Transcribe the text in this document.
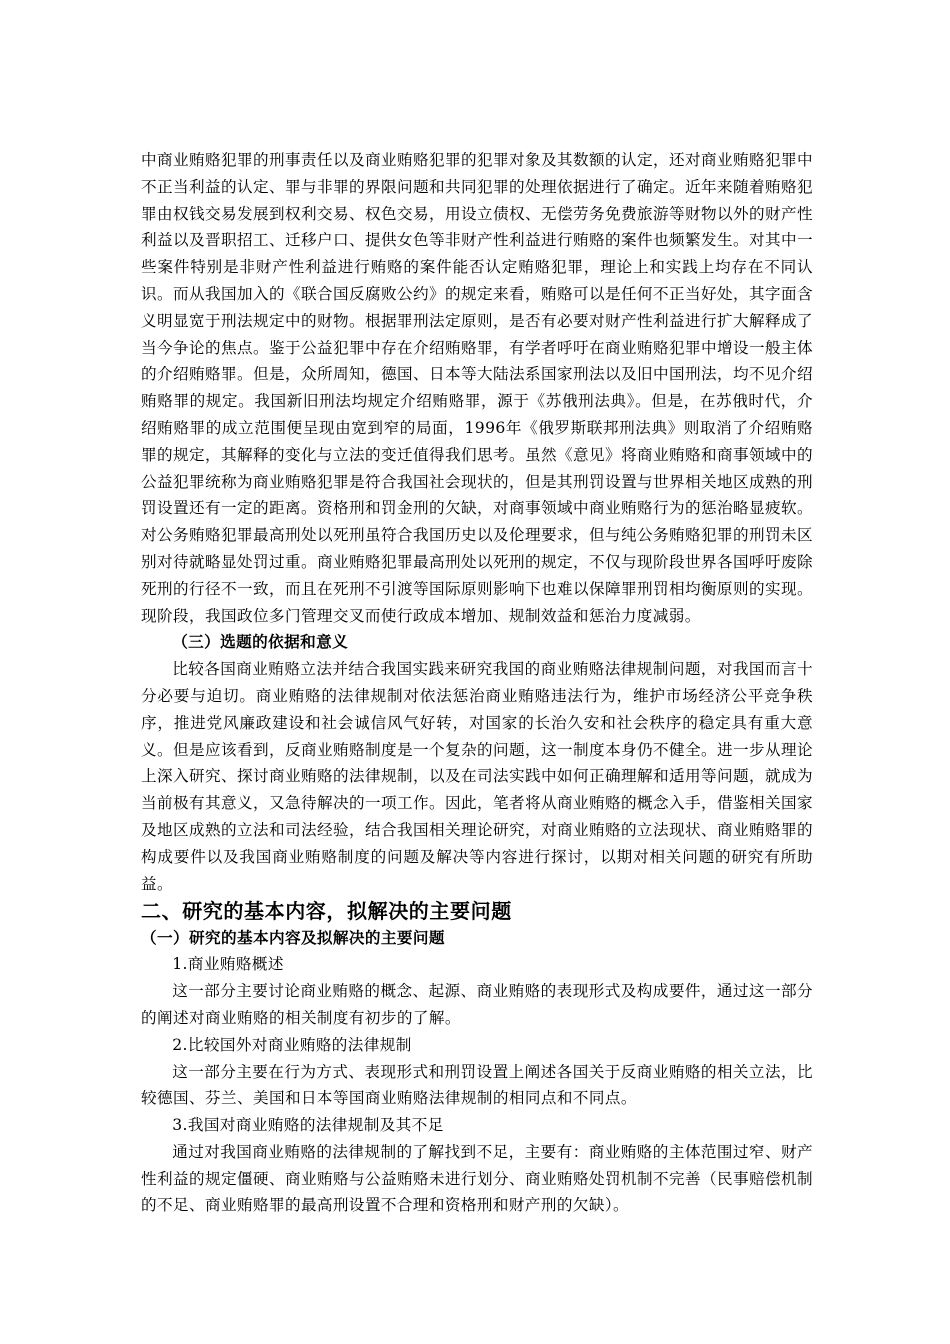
中商业贿赂犯罪的刑事责任以及商业贿赂犯罪的犯罪对象及其数额的认定，还对商业贿赂犯罪中不正当利益的认定、罪与非罪的界限问题和共同犯罪的处理依据进行了确定。近年来随着贿赂犯罪由权钱交易发展到权利交易、权色交易，用设立债权、无偿劳务免费旅游等财物以外的财产性利益以及晋职招工、迁移户口、提供女色等非财产性利益进行贿赂的案件也频繁发生。对其中一些案件特别是非财产性利益进行贿赂的案件能否认定贿赂犯罪，理论上和实践上均存在不同认识。而从我国加入的《联合国反腐败公约》的规定来看，贿赂可以是任何不正当好处，其字面含义明显宽于刑法规定中的财物。根据罪刑法定原则，是否有必要对财产性利益进行扩大解释成了当今争论的焦点。鉴于公益犯罪中存在介绍贿赂罪，有学者呼吁在商业贿赂犯罪中增设一般主体的介绍贿赂罪。但是，众所周知，德国、日本等大陆法系国家刑法以及旧中国刑法，均不见介绍贿赂罪的规定。我国新旧刑法均规定介绍贿赂罪，源于《苏俄刑法典》。但是，在苏俄时代，介绍贿赂罪的成立范围便呈现由宽到窄的局面，1996年《俄罗斯联邦刑法典》则取消了介绍贿赂罪的规定，其解释的变化与立法的变迁值得我们思考。虽然《意见》将商业贿赂和商事领域中的公益犯罪统称为商业贿赂犯罪是符合我国社会现状的，但是其刑罚设置与世界相关地区成熟的刑罚设置还有一定的距离。资格刑和罚金刑的欠缺，对商事领域中商业贿赂行为的惩治略显疲软。对公务贿赂犯罪最高刑处以死刑虽符合我国历史以及伦理要求，但与纯公务贿赂犯罪的刑罚未区别对待就略显处罚过重。商业贿赂犯罪最高刑处以死刑的规定，不仅与现阶段世界各国呼吁废除死刑的行径不一致，而且在死刑不引渡等国际原则影响下也难以保障罪刑罚相均衡原则的实现。现阶段，我国政位多门管理交叉而使行政成本增加、规制效益和惩治力度减弱。

（三）选题的依据和意义

比较各国商业贿赂立法并结合我国实践来研究我国的商业贿赂法律规制问题，对我国而言十分必要与迫切。商业贿赂的法律规制对依法惩治商业贿赂违法行为，维护市场经济公平竞争秩序，推进党风廉政建设和社会诚信风气好转，对国家的长治久安和社会秩序的稳定具有重大意义。但是应该看到，反商业贿赂制度是一个复杂的问题，这一制度本身仍不健全。进一步从理论上深入研究、探讨商业贿赂的法律规制，以及在司法实践中如何正确理解和适用等问题，就成为当前极有其意义，又急待解决的一项工作。因此，笔者将从商业贿赂的概念入手，借鉴相关国家及地区成熟的立法和司法经验，结合我国相关理论研究，对商业贿赂的立法现状、商业贿赂罪的构成要件以及我国商业贿赂制度的问题及解决等内容进行探讨，以期对相关问题的研究有所助益。

二、研究的基本内容，拟解决的主要问题

（一）研究的基本内容及拟解决的主要问题

1.商业贿赂概述

这一部分主要讨论商业贿赂的概念、起源、商业贿赂的表现形式及构成要件，通过这一部分的阐述对商业贿赂的相关制度有初步的了解。

2.比较国外对商业贿赂的法律规制

这一部分主要在行为方式、表现形式和刑罚设置上阐述各国关于反商业贿赂的相关立法，比较德国、芬兰、美国和日本等国商业贿赂法律规制的相同点和不同点。

3.我国对商业贿赂的法律规制及其不足

通过对我国商业贿赂的法律规制的了解找到不足，主要有：商业贿赂的主体范围过窄、财产性利益的规定僵硬、商业贿赂与公益贿赂未进行划分、商业贿赂处罚机制不完善（民事赔偿机制的不足、商业贿赂罪的最高刑设置不合理和资格刑和财产刑的欠缺）。
